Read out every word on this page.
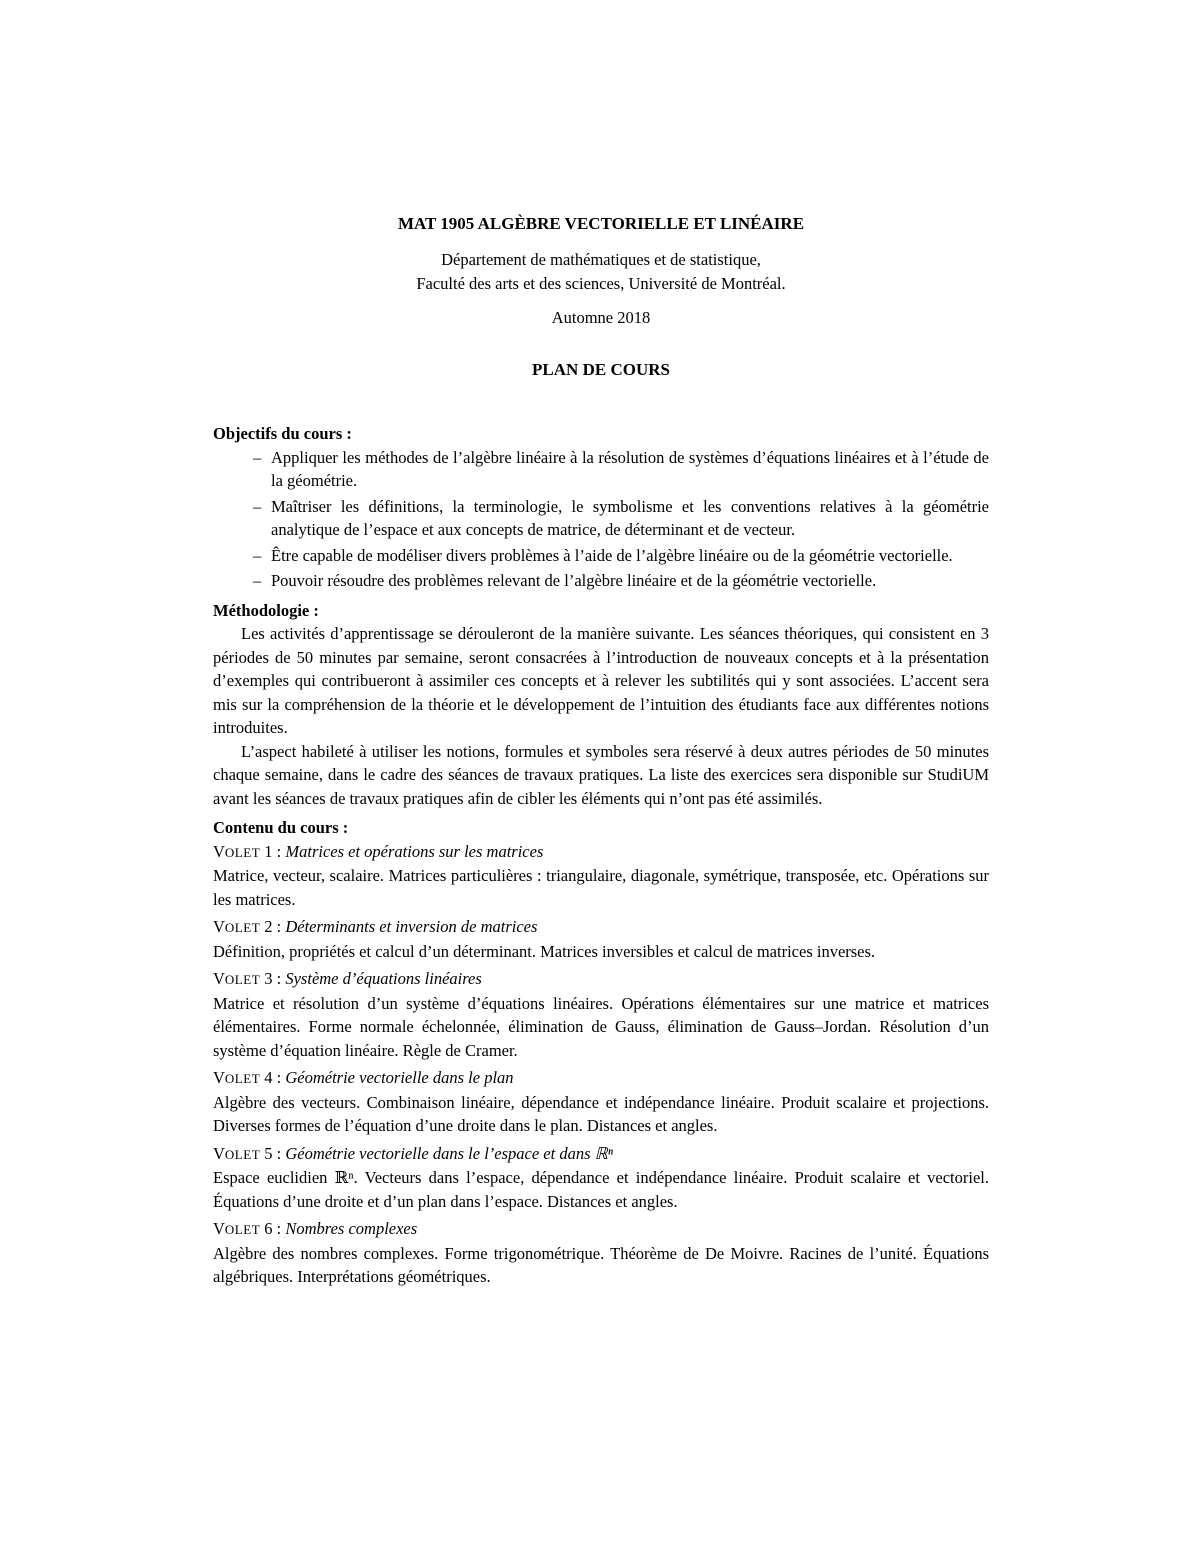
MAT 1905 ALGÈBRE VECTORIELLE ET LINÉAIRE
Département de mathématiques et de statistique,
Faculté des arts et des sciences, Université de Montréal.
Automne 2018
PLAN DE COURS
Objectifs du cours :
– Appliquer les méthodes de l’algèbre linéaire à la résolution de systèmes d’équations linéaires et à l’étude de la géométrie.
– Maîtriser les définitions, la terminologie, le symbolisme et les conventions relatives à la géométrie analytique de l’espace et aux concepts de matrice, de déterminant et de vecteur.
– Être capable de modéliser divers problèmes à l’aide de l’algèbre linéaire ou de la géométrie vectorielle.
– Pouvoir résoudre des problèmes relevant de l’algèbre linéaire et de la géométrie vectorielle.
Méthodologie :

Les activités d’apprentissage se dérouleront de la manière suivante. Les séances théoriques, qui consistent en 3 périodes de 50 minutes par semaine, seront consacrées à l’introduction de nouveaux concepts et à la présentation d’exemples qui contribueront à assimiler ces concepts et à relever les subtilités qui y sont associées. L’accent sera mis sur la compréhension de la théorie et le développement de l’intuition des étudiants face aux différentes notions introduites.

L’aspect habileté à utiliser les notions, formules et symboles sera réservé à deux autres périodes de 50 minutes chaque semaine, dans le cadre des séances de travaux pratiques. La liste des exercices sera disponible sur StudiUM avant les séances de travaux pratiques afin de cibler les éléments qui n’ont pas été assimilés.

Contenu du cours :
VOLET 1 : Matrices et opérations sur les matrices
Matrice, vecteur, scalaire. Matrices particulières : triangulaire, diagonale, symétrique, transposée, etc. Opérations sur les matrices.
VOLET 2 : Déterminants et inversion de matrices
Définition, propriétés et calcul d’un déterminant. Matrices inversibles et calcul de matrices inverses.
VOLET 3 : Système d’équations linéaires
Matrice et résolution d’un système d’équations linéaires. Opérations élémentaires sur une matrice et matrices élémentaires. Forme normale échelonnée, élimination de Gauss, élimination de Gauss–Jordan. Résolution d’un système d’équation linéaire. Règle de Cramer.
VOLET 4 : Géométrie vectorielle dans le plan
Algèbre des vecteurs. Combinaison linéaire, dépendance et indépendance linéaire. Produit scalaire et projections. Diverses formes de l’équation d’une droite dans le plan. Distances et angles.
VOLET 5 : Géométrie vectorielle dans le l’espace et dans ℝⁿ
Espace euclidien ℝⁿ. Vecteurs dans l’espace, dépendance et indépendance linéaire. Produit scalaire et vectoriel. Équations d’une droite et d’un plan dans l’espace. Distances et angles.
VOLET 6 : Nombres complexes
Algèbre des nombres complexes. Forme trigonométrique. Théorème de De Moivre. Racines de l’unité. Équations algébriques. Interprétations géométriques.
